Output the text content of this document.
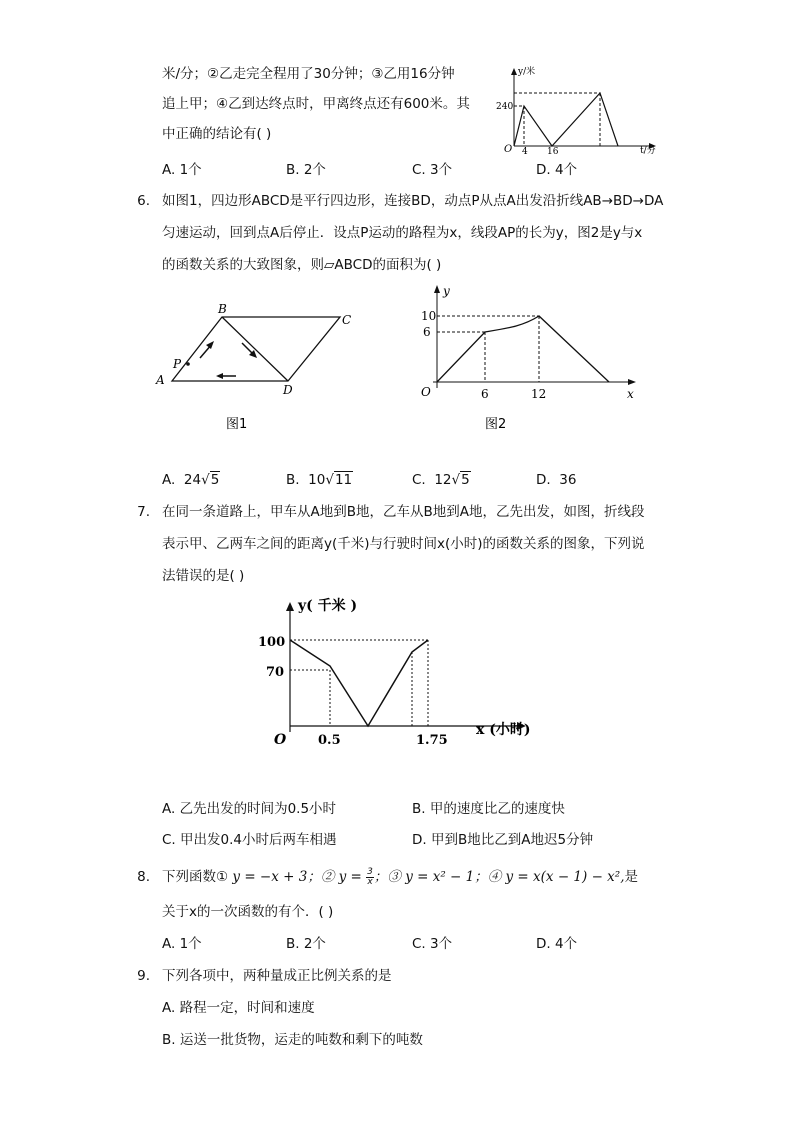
米/分；②乙走完全程用了30分钟；③乙用16分钟
追上甲；④乙到达终点时，甲离终点还有600米。其
中正确的结论有( )
y/米
240
O 4 16	t/分
A. 1个	B. 2个	C. 3个	D. 4个
6. 如图1，四边形ABCD是平行四边形，连接BD，动点P从点A出发沿折线AB→BD→DA
匀速运动，回到点A后停止．设点P运动的路程为x，线段AP的长为y，图2是y与x
的函数关系的大致图象，则▱ABCD的面积为( )
A
B
C
D
P
图1
y
10
6
O	6	12	x
图2
A. 24√5	B. 10√11	C. 12√5	D. 36
7. 在同一条道路上，甲车从A地到B地，乙车从B地到A地，乙先出发，如图，折线段
表示甲、乙两车之间的距离y(千米)与行驶时间x(小时)的函数关系的图象，下列说
法错误的是( )
y( 千米 )
100
70
O 0.5	1.75
x (小时)
A. 乙先出发的时间为0.5小时	B. 甲的速度比乙的速度快
C. 甲出发0.4小时后两车相遇	D. 甲到B地比乙到A地迟5分钟
8. 下列函数① y = −x + 3；② $y = \frac{3}{x}$ ；③ y = x² − 1；④ y = x(x − 1) − x²,是
关于x的一次函数的有个．( )
A. 1个	B. 2个	C. 3个	D. 4个
9. 下列各项中，两种量成正比例关系的是
A. 路程一定，时间和速度
B. 运送一批货物，运走的吨数和剩下的吨数
